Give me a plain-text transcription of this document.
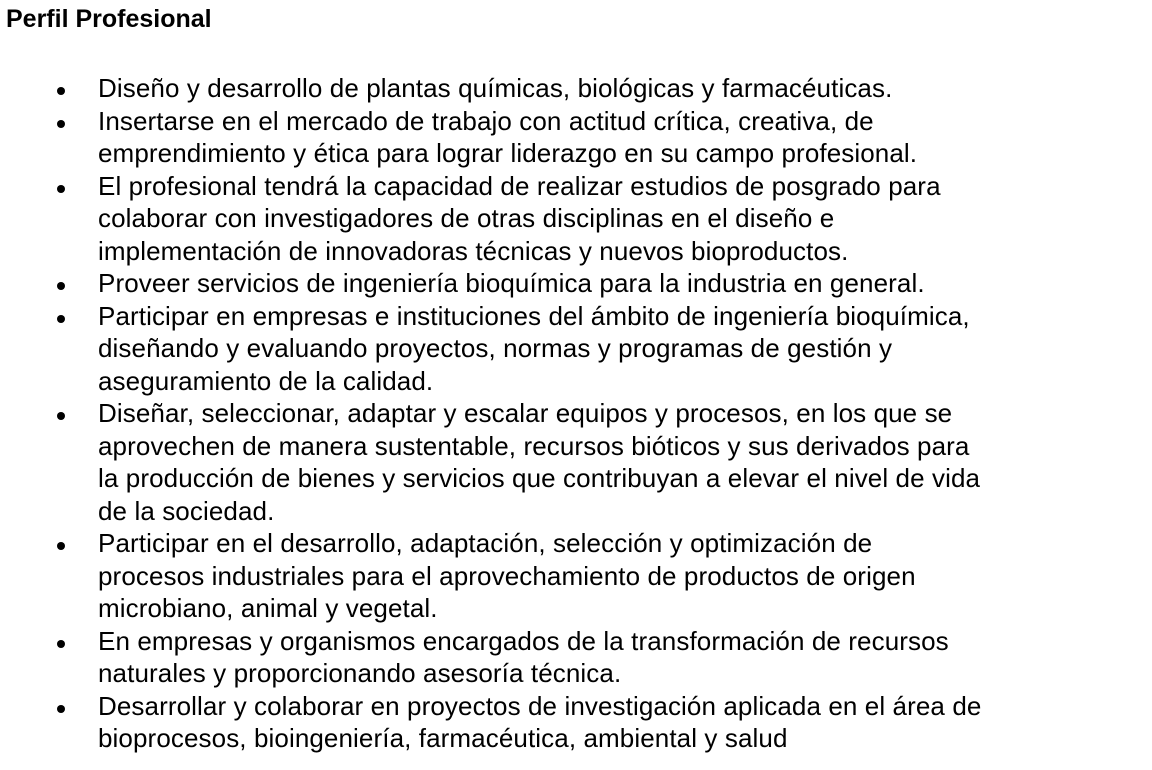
Perfil Profesional
Diseño y desarrollo de plantas químicas, biológicas y farmacéuticas.
Insertarse en el mercado de trabajo con actitud crítica, creativa, de
emprendimiento y ética para lograr liderazgo en su campo profesional.
El profesional tendrá la capacidad de realizar estudios de posgrado para
colaborar con investigadores de otras disciplinas en el diseño e
implementación de innovadoras técnicas y nuevos bioproductos.
Proveer servicios de ingeniería bioquímica para la industria en general.
Participar en empresas e instituciones del ámbito de ingeniería bioquímica,
diseñando y evaluando proyectos, normas y programas de gestión y
aseguramiento de la calidad.
Diseñar, seleccionar, adaptar y escalar equipos y procesos, en los que se
aprovechen de manera sustentable, recursos bióticos y sus derivados para
la producción de bienes y servicios que contribuyan a elevar el nivel de vida
de la sociedad.
Participar en el desarrollo, adaptación, selección y optimización de
procesos industriales para el aprovechamiento de productos de origen
microbiano, animal y vegetal.
En empresas y organismos encargados de la transformación de recursos
naturales y proporcionando asesoría técnica.
Desarrollar y colaborar en proyectos de investigación aplicada en el área de
bioprocesos, bioingeniería, farmacéutica, ambiental y salud
